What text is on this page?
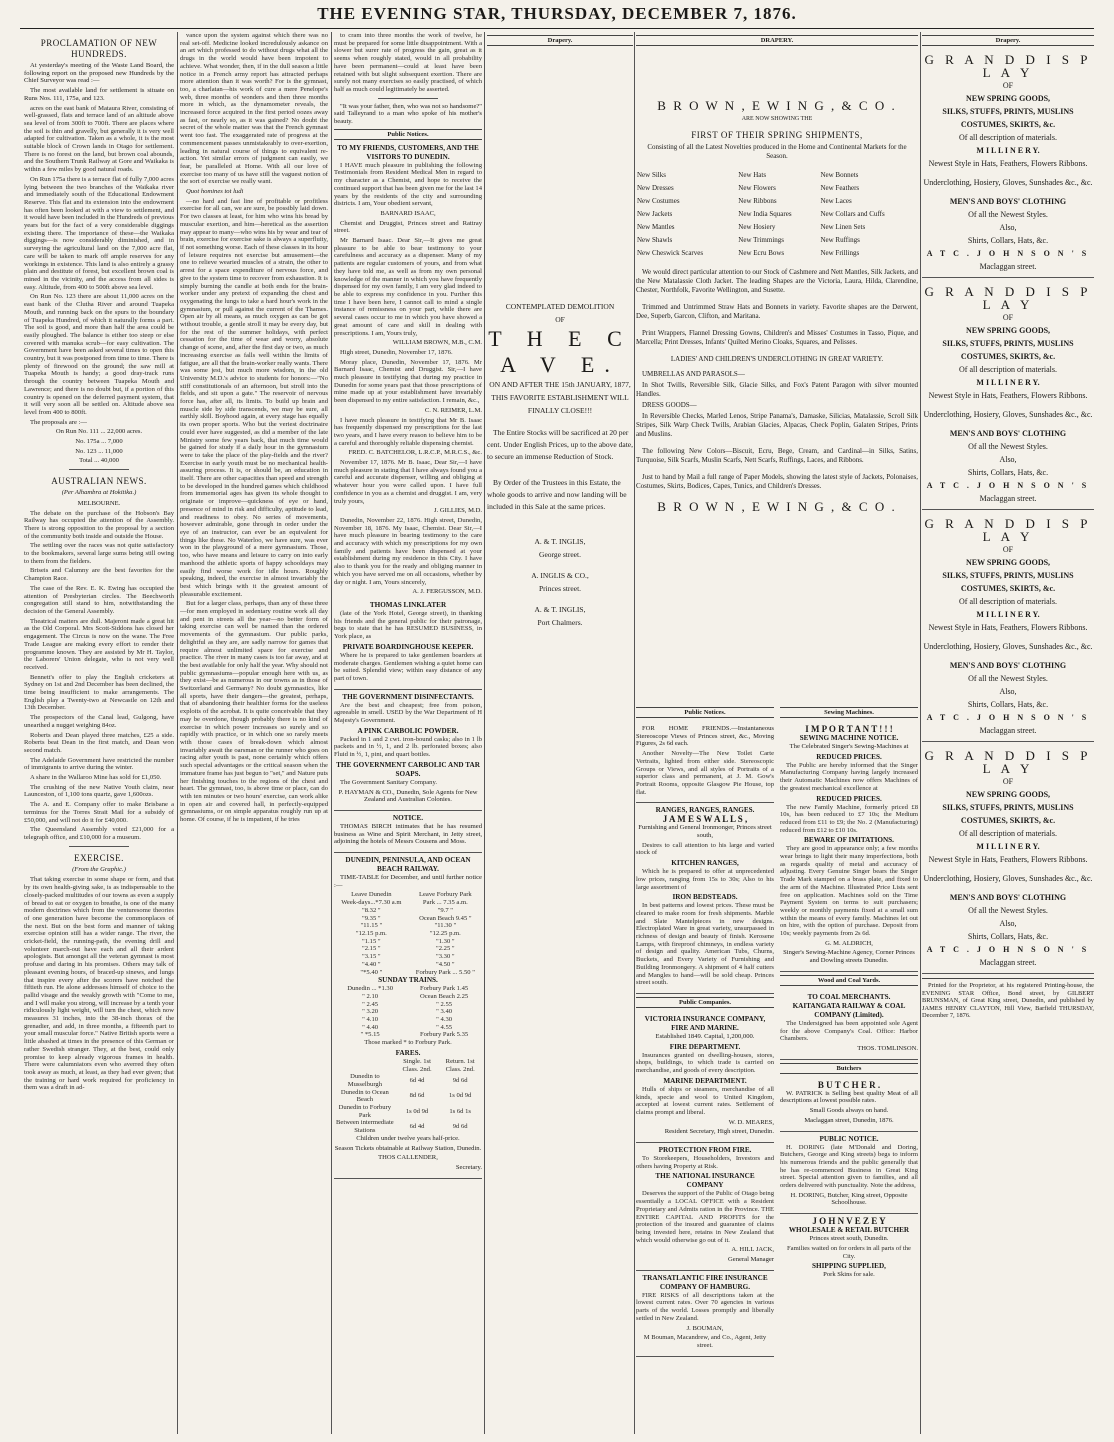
THE EVENING STAR, THURSDAY, DECEMBER 7, 1876.
PROCLAMATION OF NEW HUNDREDS.

At yesterday's meeting of the Waste Land Board, the following report on the proposed new Hundreds by the Chief Surveyor was read :—

The most available land for settlement is situate on Runs Nos. 111, 175a, and 123.

acres on the east bank of Mataura River, consisting of well-grassed, flats and terrace land of an altitude above sea level of from 300ft to 700ft. There are places where the soil is thin and gravelly, but generally it is very well adapted for cultivation. Taken as a whole, it is the most suitable block of Crown lands in Otago for settlement. There is no forest on the land, but brown coal abounds, and the Southern Trunk Railway at Gore and Waikaka is within a few miles by good natural roads.

On Run 175a there is a terrace flat of fully 7,000 acres lying between the two branches of the Waikaka river and immediately south of the Educational Endowment Reserve. This flat and its extension into the endowment has often been looked at with a view to settlement, and it would have been included in the Hundreds of previous years but for the fact of a very considerable diggings existing there. The importance of these—the Waikaka diggings—is now considerably diminished, and in surveying the agricultural land on the 7,000 acre flat, care will be taken to mark off ample reserves for any workings in existence. This land is also entirely a grassy plain and destitute of forest, but excellent brown coal is mined in the vicinity, and the access from all sides is easy. Altitude, from 400 to 500ft above sea level.

On Run No. 123 there are about 11,000 acres on the east bank of the Clutha River and around Tuapeka Mouth, and running back on the spurs to the boundary of Tuapeka Hundred, of which it naturally forms a part. The soil is good, and more than half the area could be easily ploughed. The balance is either too steep or else covered with manuka scrub—for easy cultivation. The Government have been asked several times to open this country, but it was postponed from time to time. There is plenty of firewood on the ground; the saw mill at Tuapeka Mouth is handy; a good dray-track runs through the country between Tuapeka Mouth and Lawrence; and there is no doubt but, if a portion of this country is opened on the deferred payment system, that it will very soon all be settled on. Altitude above sea level from 400 to 800ft.

The proposals are :—

On Run No. 111 ... 22,000 acres.

No. 175a ... 7,000

No. 123 ... 11,000

Total ... 40,000

AUSTRALIAN NEWS.
(Per Alhambra at Hokitika.)

MELBOURNE.

The debate on the purchase of the Hobson's Bay Railway has occupied the attention of the Assembly. There is strong opposition to the proposal by a section of the community both inside and outside the House.

The settling over the races was not quite satisfactory to the bookmakers, several large sums being still owing to them from the fielders.

Briseis and Calumny are the best favorites for the Champion Race.

The case of the Rev. E. K. Ewing has occupied the attention of Presbyterian circles. The Beechworth congregation still stand to him, notwithstanding the decision of the General Assembly.

Theatrical matters are dull. Majeroni made a great hit as the Old Corporal. Mrs Scott-Siddons has closed her engagement. The Circus is now on the wane. The Free Trade League are making every effort to render their programme known. They are assisted by Mr H. Taylor, the Laborers' Union delegate, who is not very well received.

Bennett's offer to play the English cricketers at Sydney on 1st and 2nd December has been declined, the time being insufficient to make arrangements. The English play a Twenty-two at Newcastle on 12th and 13th December.

The prospectors of the Canal lead, Gulgong, have unearthed a nugget weighing 84oz.

Roberts and Dean played three matches, £25 a side. Roberts beat Dean in the first match, and Dean won second match.

The Adelaide Government have restricted the number of immigrants to arrive during the winter.

A share in the Wallaroo Mine has sold for £1,050.

The crushing of the new Native Youth claim, near Launceston, of 1,100 tons quartz, gave 1,600ozs.

The A. and E. Company offer to make Brisbane a terminus for the Torres Strait Mail for a subsidy of £50,000, and will not do it for £40,000.

The Queensland Assembly voted £21,000 for a telegraph office, and £10,000 for a museum.

EXERCISE.
(From the Graphic.)

That taking exercise in some shape or form, and that by its own health-giving sake, is as indispensable to the closely-packed multitudes of our towns as even a supply of bread to eat or oxygen to breathe, is one of the many modern doctrines which from the venturesome theories of one generation have become the commonplaces of the next. But on the best form and manner of taking exercise opinion still has a wider range. The river, the cricket-field, the running-path, the evening drill and volunteer march-out have each and all their ardent apologists. But amongst all the veteran gymnast is most profuse and daring in his promises. Others may talk of pleasant evening hours, of braced-up sinews, and lungs that inspire every after the scorers have notched the fiftieth run. He alone addresses himself of choice to the pallid visage and the weakly growth with "Come to me, and I will make you strong, will increase by a tenth your ridiculously light weight, will turn the chest, which now measures 31 inches, into the 38-inch thorax of the grenadier, and add, in three months, a fifteenth part to your small muscular force." Native British sports were a little abashed at times in the presence of this German or rather Swedish stranger. They, at the best, could only promise to keep already vigorous frames in health. There were calumniators even who averred they often took away as much, at least, as they had ever given; that the training or hard work required for proficiency in them was a draft in ad-

vance upon the system against which there was no real set-off. Medicine looked incredulously askance on an art which professed to do without drugs what all the drugs in the world would have been impotent to achieve. What wonder, then, if in the dull season a little notice in a French army report has attracted perhaps more attention than it was worth? For is the gymnast, too, a charlatan—his work of cure a mere Penelope's web, three months of wonders and then three months more in which, as the dynamometer reveals, the increased force acquired in the first period oozes away as fast, or nearly so, as it was gained? No doubt the secret of the whole matter was that the French gymnast went too fast. The exaggerated rate of progress at the commencement passes unmistakeably to over-exertion, leading in natural course of things to equivalent re-action. Yet similar errors of judgment can easily, we fear, be paralleled at Home. With all our love of exercise too many of us have still the vaguest notion of the sort of exercise we really want.

Quot homines tot ludi

—no hard and fast line of profitable or profitless exercise for all can, we are sure, be possibly laid down. For two classes at least, for him who wins his bread by muscular exertion, and him—heretical as the assertion may appear to many—who wins his by wear and tear of brain, exercise for exercise sake is always a superfluity, if not something worse. Each of these classes in its hour of leisure requires not exercise but amusement—the one to relieve wearied muscles of a strain, the other to arrest for a space expenditure of nervous force, and give to the system time to recover from exhaustion. It is simply burning the candle at both ends for the brain-worker under any pretext of expanding the chest and oxygenating the lungs to take a hard hour's work in the gymnasium, or pull against the current of the Thames. Open air by all means, as much oxygen as can be got without trouble, a gentle stroll it may be every day, but for the rest of the summer holidays, with perfect cessation for the time of wear and worry, absolute change of scene, and, after the first day or two, as much increasing exercise as falls well within the limits of fatigue, are all that the brain-worker really wants. There was some jest, but much more wisdom, in the old University M.D.'s advice to students for honors:—"No stiff constitutionals of an afternoon, but stroll into the fields, and sit upon a gate." The reservoir of nervous force has, after all, its limits. To build up brain and muscle side by side transcends, we may be sure, all earthly skill. Boyhood again, at every stage has equally its own proper sports. Who but the veriest doctrinaire could ever have suggested, as did a member of the late Ministry some few years back, that much time would be gained for study if a daily hour in the gymnasium were to take the place of the play-fields and the river? Exercise in early youth must be no mechanical health-assuring process. It is, or should be, an education in itself. There are other capacities than speed and strength to be developed in the hundred games which childhood from immemorial ages has given its whole thought to originate or improve—quickness of eye or hand, presence of mind in risk and difficulty, aptitude to lead, and readiness to obey. No series of movements, however admirable, gone through in order under the eye of an instructor, can ever be an equivalent for things like these. No Waterloo, we have sure, was ever won in the playground of a mere gymnasium. Those, too, who have means and leisure to carry on into early manhood the athletic sports of happy schooldays may easily find worse work for idle hours. Roughly speaking, indeed, the exercise in almost invariably the best which brings with it the greatest amount of pleasurable excitement.

But for a larger class, perhaps, than any of these three—for men employed in sedentary routine work all day and pent in streets all the year—no better form of taking exercise can well be named than the ordered movements of the gymnasium. Our public parks, delightful as they are, are sadly narrow for games that require almost unlimited space for exercise and practice. The river in many cases is too far away, and at the best available for only half the year. Why should not public gymnasiums—popular enough here with us, as they exist—be as numerous in our towns as in those of Switzerland and Germany? No doubt gymnastics, like all sports, have their dangers—the greatest, perhaps, that of abandoning their healthier forms for the useless exploits of the acrobat. It is quite conceivable that they may be overdone, though probably there is no kind of exercise in which power increases so surely and so rapidly with practice, or in which one so rarely meets with those cases of break-down which almost invariably await the oarsman or the runner who goes on racing after youth is past, none certainly which offers such special advantages or the critical season when the immature frame has just begun to "set," and Nature puts her finishing touches to the regions of the chest and heart. The gymnast, too, is above time or place, can do with ten minutes or two hours' exercise, can work alike in open air and covered hall, in perfectly-equipped gymnasiums, or on simple apparatus roughly run up at home. Of course, if he is impatient, if he tries

to cram into three months the work of twelve, he must be prepared for some little disappointment. With a slower but surer rate of progress the gain, great as it seems when roughly stated, would in all probability have been permanent—could at least have been retained with but slight subsequent exertion. There are surely not many exercises so easily practised, of which half as much could legitimately be asserted.

"It was your father, then, who was not so handsome?" said Talleyrand to a man who spoke of his mother's beauty.

Public Notices.
TO MY FRIENDS, CUSTOMERS, AND THE VISITORS TO DUNEDIN.

I HAVE much pleasure in publishing the following Testimonials from Resident Medical Men in regard to my character as a Chemist, and hope to receive the continued support that has been given me for the last 14 years by the residents of the city and surrounding districts. I am, Your obedient servant,

BARNARD ISAAC,

Chemist and Druggist, Princes street and Rattray street.

Mr Barnard Isaac. Dear Sir,—It gives me great pleasure to be able to bear testimony to your carefulness and accuracy as a dispenser. Many of my patients are regular customers of yours, and from what they have told me, as well as from my own personal knowledge of the manner in which you have frequently dispensed for my own family, I am very glad indeed to be able to express my confidence in you. Further this time I have been here, I cannot call to mind a single instance of remissness on your part, while there are several cases occur to me in which you have showed a great amount of care and skill in dealing with prescriptions. I am, Yours truly,

WILLIAM BROWN, M.B., C.M.

High street, Dunedin, November 17, 1876.

Moray place, Dunedin, November 17, 1876. Mr Barnard Isaac, Chemist and Druggist. Sir,—I have much pleasure in testifying that during my practice in Dunedin for some years past that those prescriptions of mine made up at your establishment have invariably been dispensed to my entire satisfaction. I remain, &c.,

C. N. REIMER, L.M.

I have much pleasure in testifying that Mr B. Isaac has frequently dispensed my prescriptions for the last two years, and I have every reason to believe him to be a careful and thoroughly reliable dispensing chemist.

FRED. C. BATCHELOR, L.R.C.P., M.R.C.S., &c.

November 17, 1876. Mr B. Isaac, Dear Sir,—I have much pleasure in stating that I have always found you a careful and accurate dispenser, willing and obliging at whatever hour you were called upon. I have full confidence in you as a chemist and druggist. I am, very truly yours,

J. GILLIES, M.D.

Dunedin, November 22, 1876. High street, Dunedin, November 18, 1876. My Isaac, Chemist. Dear Sir,—I have much pleasure in bearing testimony to the care and accuracy with which my prescriptions for my own family and patients have been dispensed at your establishment during my residence in this City. I have also to thank you for the ready and obliging manner in which you have served me on all occasions, whether by day or night. I am, Yours sincerely,

A. J. FERGUSSON, M.D.

THOMAS LINKLATER

(late of the York Hotel, George street), in thanking his friends and the general public for their patronage, begs to state that he has RESUMED BUSINESS, in York place, as

PRIVATE BOARDINGHOUSE KEEPER.

Where he is prepared to take gentlemen boarders at moderate charges. Gentlemen wishing a quiet home can be suited. Splendid view; within easy distance of any part of town.

THE GOVERNMENT DISINFECTANTS.

Are the best and cheapest; free from poison, agreeable in smell. USED by the War Department of H Majesty's Government.

A PINK CARBOLIC POWDER.

Packed in 1 and 2 cwt. iron-bound casks; also in 1 lb packets and in ½, 1, and 2 lb. perforated boxes; also Fluid in ½, 1, pint, and quart bottles.

THE GOVERNMENT CARBOLIC AND TAR SOAPS.

The Government Sanitary Company.

P. HAYMAN & CO., Dunedin, Sole Agents for New Zealand and Australian Colonies.

NOTICE.

THOMAS BIRCH intimates that he has resumed business as Wine and Spirit Merchant, in Jetty street, adjoining the hotels of Messrs Cousens and Moss.

DUNEDIN, PENINSULA, AND OCEAN BEACH RAILWAY.

TIME-TABLE for December, and until further notice :—

Leave Dunedin	Leave Forbury Park
Week-days...*7.30 a.m	Park ... 7.35 a.m.
"8.32 "	"9.7 "
"9.35 "	Ocean Beach 9.45 "
"11.15 "	"11.30 "
"12.15 p.m.	"12.25 p.m.
"1.15 "	"1.30 "
"2.15 "	"2.25 "
"3.15 "	"3.30 "
"4.40 "	"4.50 "
"*5.40 "	Forbury Park ... 5.50 "
SUNDAY TRAINS.
Dunedin ... *1.30	Forbury Park 1.45
" 2.10	Ocean Beach 2.25
" 2.45	" 2.55
" 3.20	" 3.40
" 4.10	" 4.30
" 4.40	" 4.55
" *5.15	Forbury Park 5.35

Those marked * to Forbury Park.

FARES.
	Single. 1st Class. 2nd.	Return. 1st Class. 2nd.
Dunedin to Musselburgh	6d 4d	9d 6d
Dunedin to Ocean Beach	8d 6d	1s 0d 9d
Dunedin to Forbury Park	1s 0d 9d	1s 6d 1s
Between intermediate Stations	6d 4d	9d 6d

Children under twelve years half-price.

Season Tickets obtainable at Railway Station, Dunedin.

THOS CALLENDER,

Secretary.

Drapery.
CONTEMPLATED DEMOLITION
OF
T H E C A V E.
ON AND AFTER THE 15th JANUARY, 1877,
THIS FAVORITE ESTABLISHMENT WILL FINALLY CLOSE!!!

The Entire Stocks will be sacrificed at 20 per cent. Under English Prices, up to the above date, to secure an immense Reduction of Stock.

By Order of the Trustees in this Estate, the whole goods to arrive and now landing will be included in this Sale at the same prices.

A. & T. INGLIS,
George street.
A. INGLIS & CO.,
Princes street.
A. & T. INGLIS,
Port Chalmers.
DRAPERY.
B R O W N , E W I N G , & C O .
ARE NOW SHOWING THE
FIRST OF THEIR SPRING SHIPMENTS,

Consisting of all the Latest Novelties produced in the Home and Continental Markets for the Season.

New Silks	New Hats	New Bonnets
New Dresses	New Flowers	New Feathers
New Costumes	New Ribbons	New Laces
New Jackets	New India Squares	New Collars and Cuffs
New Mantles	New Hosiery	New Linen Sets
New Shawls	New Trimmings	New Ruffings
New Cheswick Scarves	New Ecru Bows	New Frillings

We would direct particular attention to our Stock of Cashmere and Nett Mantles, Silk Jackets, and the New Matalassie Cloth Jacket. The leading Shapes are the Victoria, Laura, Hilda, Clarendine, Chester, Northfolk, Favorite Wellington, and Susette.

Trimmed and Untrimmed Straw Hats and Bonnets in variety. Favorite shapes are the Derwent, Dee, Superb, Garcon, Clifton, and Maritana.

Print Wrappers, Flannel Dressing Gowns, Children's and Misses' Costumes in Tasso, Pique, and Marcella; Print Dresses, Infants' Quilted Merino Cloaks, Squares, and Pelisses.

LADIES' AND CHILDREN'S UNDERCLOTHING IN GREAT VARIETY.

UMBRELLAS AND PARASOLS—

In Shot Twills, Reversible Silk, Glacie Silks, and Fox's Patent Paragon with silver mounted Handles.

DRESS GOODS—

In Reversible Checks, Marled Lenos, Stripe Panama's, Damaske, Silicias, Matalassie, Scroll Silk Stripes, Silk Warp Check Twills, Arabian Glacies, Alpacas, Check Poplin, Galaten Stripes, Prints and Muslins.

The following New Colors—Biscuit, Ecru, Bege, Cream, and Cardinal—in Silks, Satins, Turquoise, Silk Scarfs, Muslin Scarfs, Nett Scarfs, Ruffings, Laces, and Ribbons.

Just to hand by Mail a full range of Paper Models, showing the latest style of Jackets, Polonaises, Costumes, Skirts, Bodices, Capes, Tunics, and Children's Dresses.

B R O W N , E W I N G , & C O .
Public Notices.

FOR HOME FRIENDS.—Instantaneous Stereoscope Views of Princes street, &c., Moving Figures, 2s 6d each.

Another Novelty—The New Toilet Carte Vertraits, lighted from either side. Stereoscopic Groups or Views, and all styles of Portraits of a superior class and permanent, at J. M. Gow's Portrait Rooms, opposite Glasgow Pie House, top flat.

RANGES, RANGES, RANGES.
J A M E S W A L L S ,

Furnishing and General Ironmonger, Princes street south,

Desires to call attention to his large and varied stock of

KITCHEN RANGES,

Which he is prepared to offer at unprecedented low prices, ranging from 15s to 30s; Also to his large assortment of

IRON BEDSTEADS.

In best patterns and lowest prices. These must be cleared to make room for fresh shipments. Marble and Slate Mantelpieces in new designs. Electroplated Ware in great variety, unsurpassed in richness of design and beauty of finish. Kerosene Lamps, with fireproof chimneys, in endless variety of design and quality. American Tubs, Churns, Buckets, and Every Variety of Furnishing and Building Ironmongery. A shipment of 4 half cutters and Mangles to hand—will be sold cheap. Princes street south.

Public Companies.
VICTORIA INSURANCE COMPANY, FIRE AND MARINE.

Established 1849. Capital, 1,200,000.

FIRE DEPARTMENT.

Insurances granted on dwelling-houses, stores, shops, buildings, to which trade is carried on merchandise, and goods of every description.

MARINE DEPARTMENT.

Hulls of ships or steamers, merchandise of all kinds, specie and wool to United Kingdom, accepted at lowest current rates. Settlement of claims prompt and liberal.

W. D. MEARES,

Resident Secretary, High street, Dunedin.

PROTECTION FROM FIRE.

To Storekeepers, Householders, Investors and others having Property at Risk.

THE NATIONAL INSURANCE COMPANY

Deserves the support of the Public of Otago being essentially a LOCAL OFFICE with a Resident Proprietary and Admits ration in the Province. THE ENTIRE CAPITAL AND PROFITS for the protection of the insured and guarantee of claims being invested here, retains in New Zealand that which would otherwise go out of it.

A. HILL JACK,

General Manager

TRANSATLANTIC FIRE INSURANCE COMPANY OF HAMBURG.

FIRE RISKS of all descriptions taken at the lowest current rates. Over 70 agencies in various parts of the world. Losses promptly and liberally settled in New Zealand.

J. BOUMAN,

M Bouman, Macandrew, and Co., Agent, Jetty street.

Sewing Machines.
I M P O R T A N T ! ! !
SEWING MACHINE NOTICE.

The Celebrated Singer's Sewing-Machines at

REDUCED PRICES.

The Public are hereby informed that the Singer Manufacturing Company having largely increased their Automatic Machines now offers Machines of the greatest mechanical excellence at

REDUCED PRICES.

The new Family Machine, formerly priced £8 10s, has been reduced to £7 10s; the Medium reduced from £11 to £9; the No. 2 (Manufacturing) reduced from £12 to £10 10s.

BEWARE OF IMITATIONS.

They are good in appearance only; a few months wear brings to light their many imperfections, both as regards quality of metal and accuracy of adjusting. Every Genuine Singer bears the Singer Trade Mark stamped on a brass plate, and fixed to the arm of the Machine. Illustrated Price Lists sent free on application. Machines sold on the Time Payment System on terms to suit purchasers; weekly or monthly payments fixed at a small sum within the means of every family. Machines let out on hire, with the option of purchase. Deposit from 10s; weekly payments from 2s 6d.

G. M. ALDRICH,

Singer's Sewing-Machine Agency, Corner Princes and Dowling streets Dunedin.

Wood and Coal Yards.
TO COAL MERCHANTS.
KAITANGATA RAILWAY & COAL COMPANY (Limited).

The Undersigned has been appointed sole Agent for the above Company's Coal. Office: Harbor Chambers.

THOS. TOMLINSON.

Butchers
B U T C H E R .

W. PATRICK is Selling best quality Meat of all descriptions at lowest possible rates.

Small Goods always on hand.

Maclaggan street, Dunedin, 1876.

PUBLIC NOTICE.

H. DORING (late M'Donald and Doring, Butchers, George and King streets) begs to inform his numerous friends and the public generally that he has re-commenced Business in Great King street. Special attention given to families, and all orders delivered with punctuality. Note the address,

H. DORING, Butcher, King street, Opposite Schoolhouse.

J O H N V E Z E Y
WHOLESALE & RETAIL BUTCHER

Princes street south, Dunedin.

Families waited on for orders in all parts of the City.

SHIPPING SUPPLIED,

Pork Skins for sale.

Drapery.
G R A N D D I S P L A Y
OF
NEW SPRING GOODS,
SILKS, STUFFS, PRINTS, MUSLINS COSTUMES, SKIRTS, &c.
Of all description of materials.
M I L L I N E R Y.
Newest Style in Hats, Feathers, Flowers Ribbons.
Underclothing, Hosiery, Gloves, Sunshades &c., &c.
MEN'S AND BOYS' CLOTHING
Of all the Newest Styles.
Also,
Shirts, Collars, Hats, &c.
A T C . J O H N S O N ' S
Maclaggan street.
G R A N D D I S P L A Y
OF
NEW SPRING GOODS,
SILKS, STUFFS, PRINTS, MUSLINS COSTUMES, SKIRTS, &c.
Of all description of materials.
M I L L I N E R Y.
Newest Style in Hats, Feathers, Flowers Ribbons.
Underclothing, Hosiery, Gloves, Sunshades &c., &c.
MEN'S AND BOYS' CLOTHING
Of all the Newest Styles.
Also,
Shirts, Collars, Hats, &c.
A T C . J O H N S O N ' S
Maclaggan street.
G R A N D D I S P L A Y
OF
NEW SPRING GOODS,
SILKS, STUFFS, PRINTS, MUSLINS COSTUMES, SKIRTS, &c.
Of all description of materials.
M I L L I N E R Y.
Newest Style in Hats, Feathers, Flowers Ribbons.
Underclothing, Hosiery, Gloves, Sunshades &c., &c.
MEN'S AND BOYS' CLOTHING
Of all the Newest Styles.
Also,
Shirts, Collars, Hats, &c.
A T C . J O H N S O N ' S
Maclaggan street.
G R A N D D I S P L A Y
OF
NEW SPRING GOODS,
SILKS, STUFFS, PRINTS, MUSLINS COSTUMES, SKIRTS, &c.
Of all description of materials.
M I L L I N E R Y.
Newest Style in Hats, Feathers, Flowers Ribbons.
Underclothing, Hosiery, Gloves, Sunshades &c., &c.
MEN'S AND BOYS' CLOTHING
Of all the Newest Styles.
Also,
Shirts, Collars, Hats, &c.
A T C . J O H N S O N ' S
Maclaggan street.

Printed for the Proprietor, at his registered Printing-house, the EVENING STAR Office, Bond street, by GILBERT BRUNSMAN, of Great King street, Dunedin, and published by JAMES HENRY CLAYTON, Hill View, Barfield THURSDAY, December 7, 1876.
